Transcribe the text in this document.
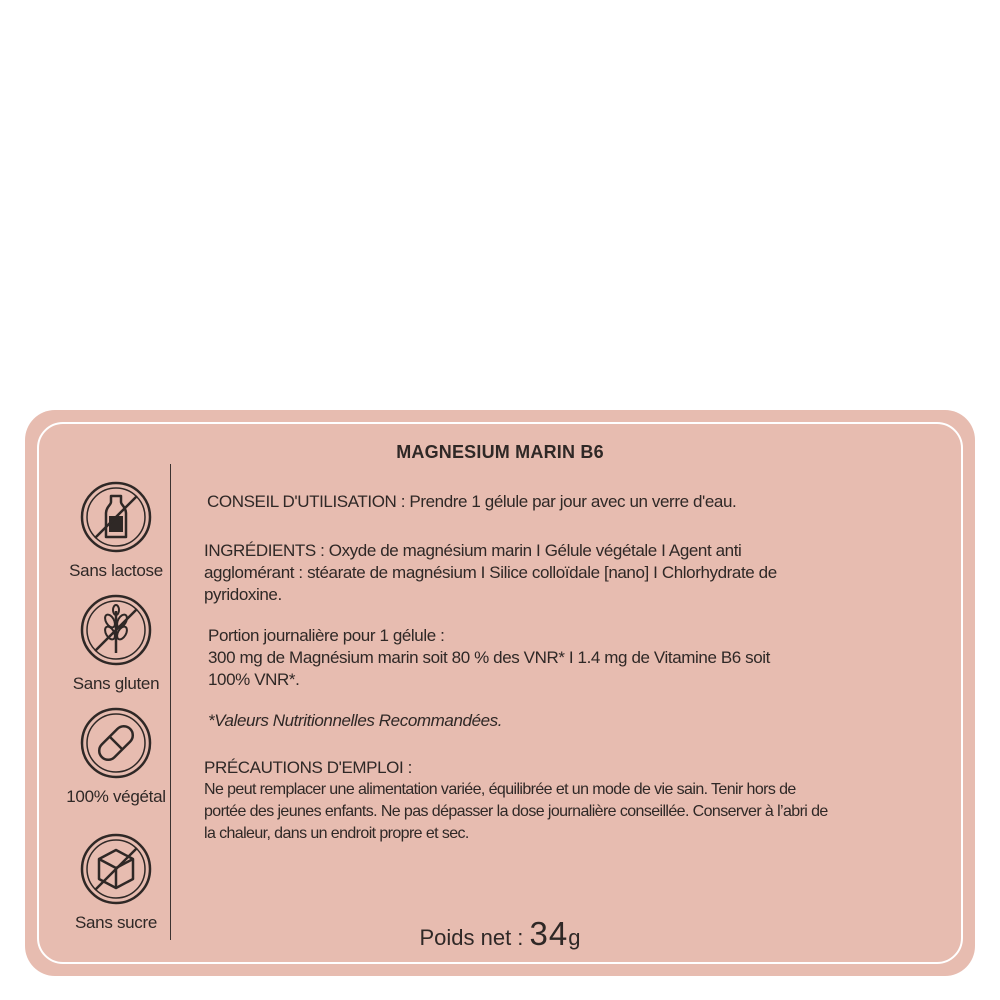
MAGNESIUM MARIN B6
Sans lactose
Sans gluten
100% végétal
Sans sucre
CONSEIL D'UTILISATION : Prendre 1 gélule par jour avec un verre d'eau.
INGRÉDIENTS : Oxyde de magnésium marin I Gélule végétale I Agent anti
agglomérant : stéarate de magnésium I Silice colloïdale [nano] I Chlorhydrate de
pyridoxine.
Portion journalière pour 1 gélule :
300 mg de Magnésium marin soit 80 % des VNR* I 1.4 mg de Vitamine B6 soit
100% VNR*.
*Valeurs Nutritionnelles Recommandées.
PRÉCAUTIONS D'EMPLOI :
Ne peut remplacer une alimentation variée, équilibrée et un mode de vie sain. Tenir hors de
portée des jeunes enfants. Ne pas dépasser la dose journalière conseillée. Conserver à l’abri de
la chaleur, dans un endroit propre et sec.
Poids net : 34g
